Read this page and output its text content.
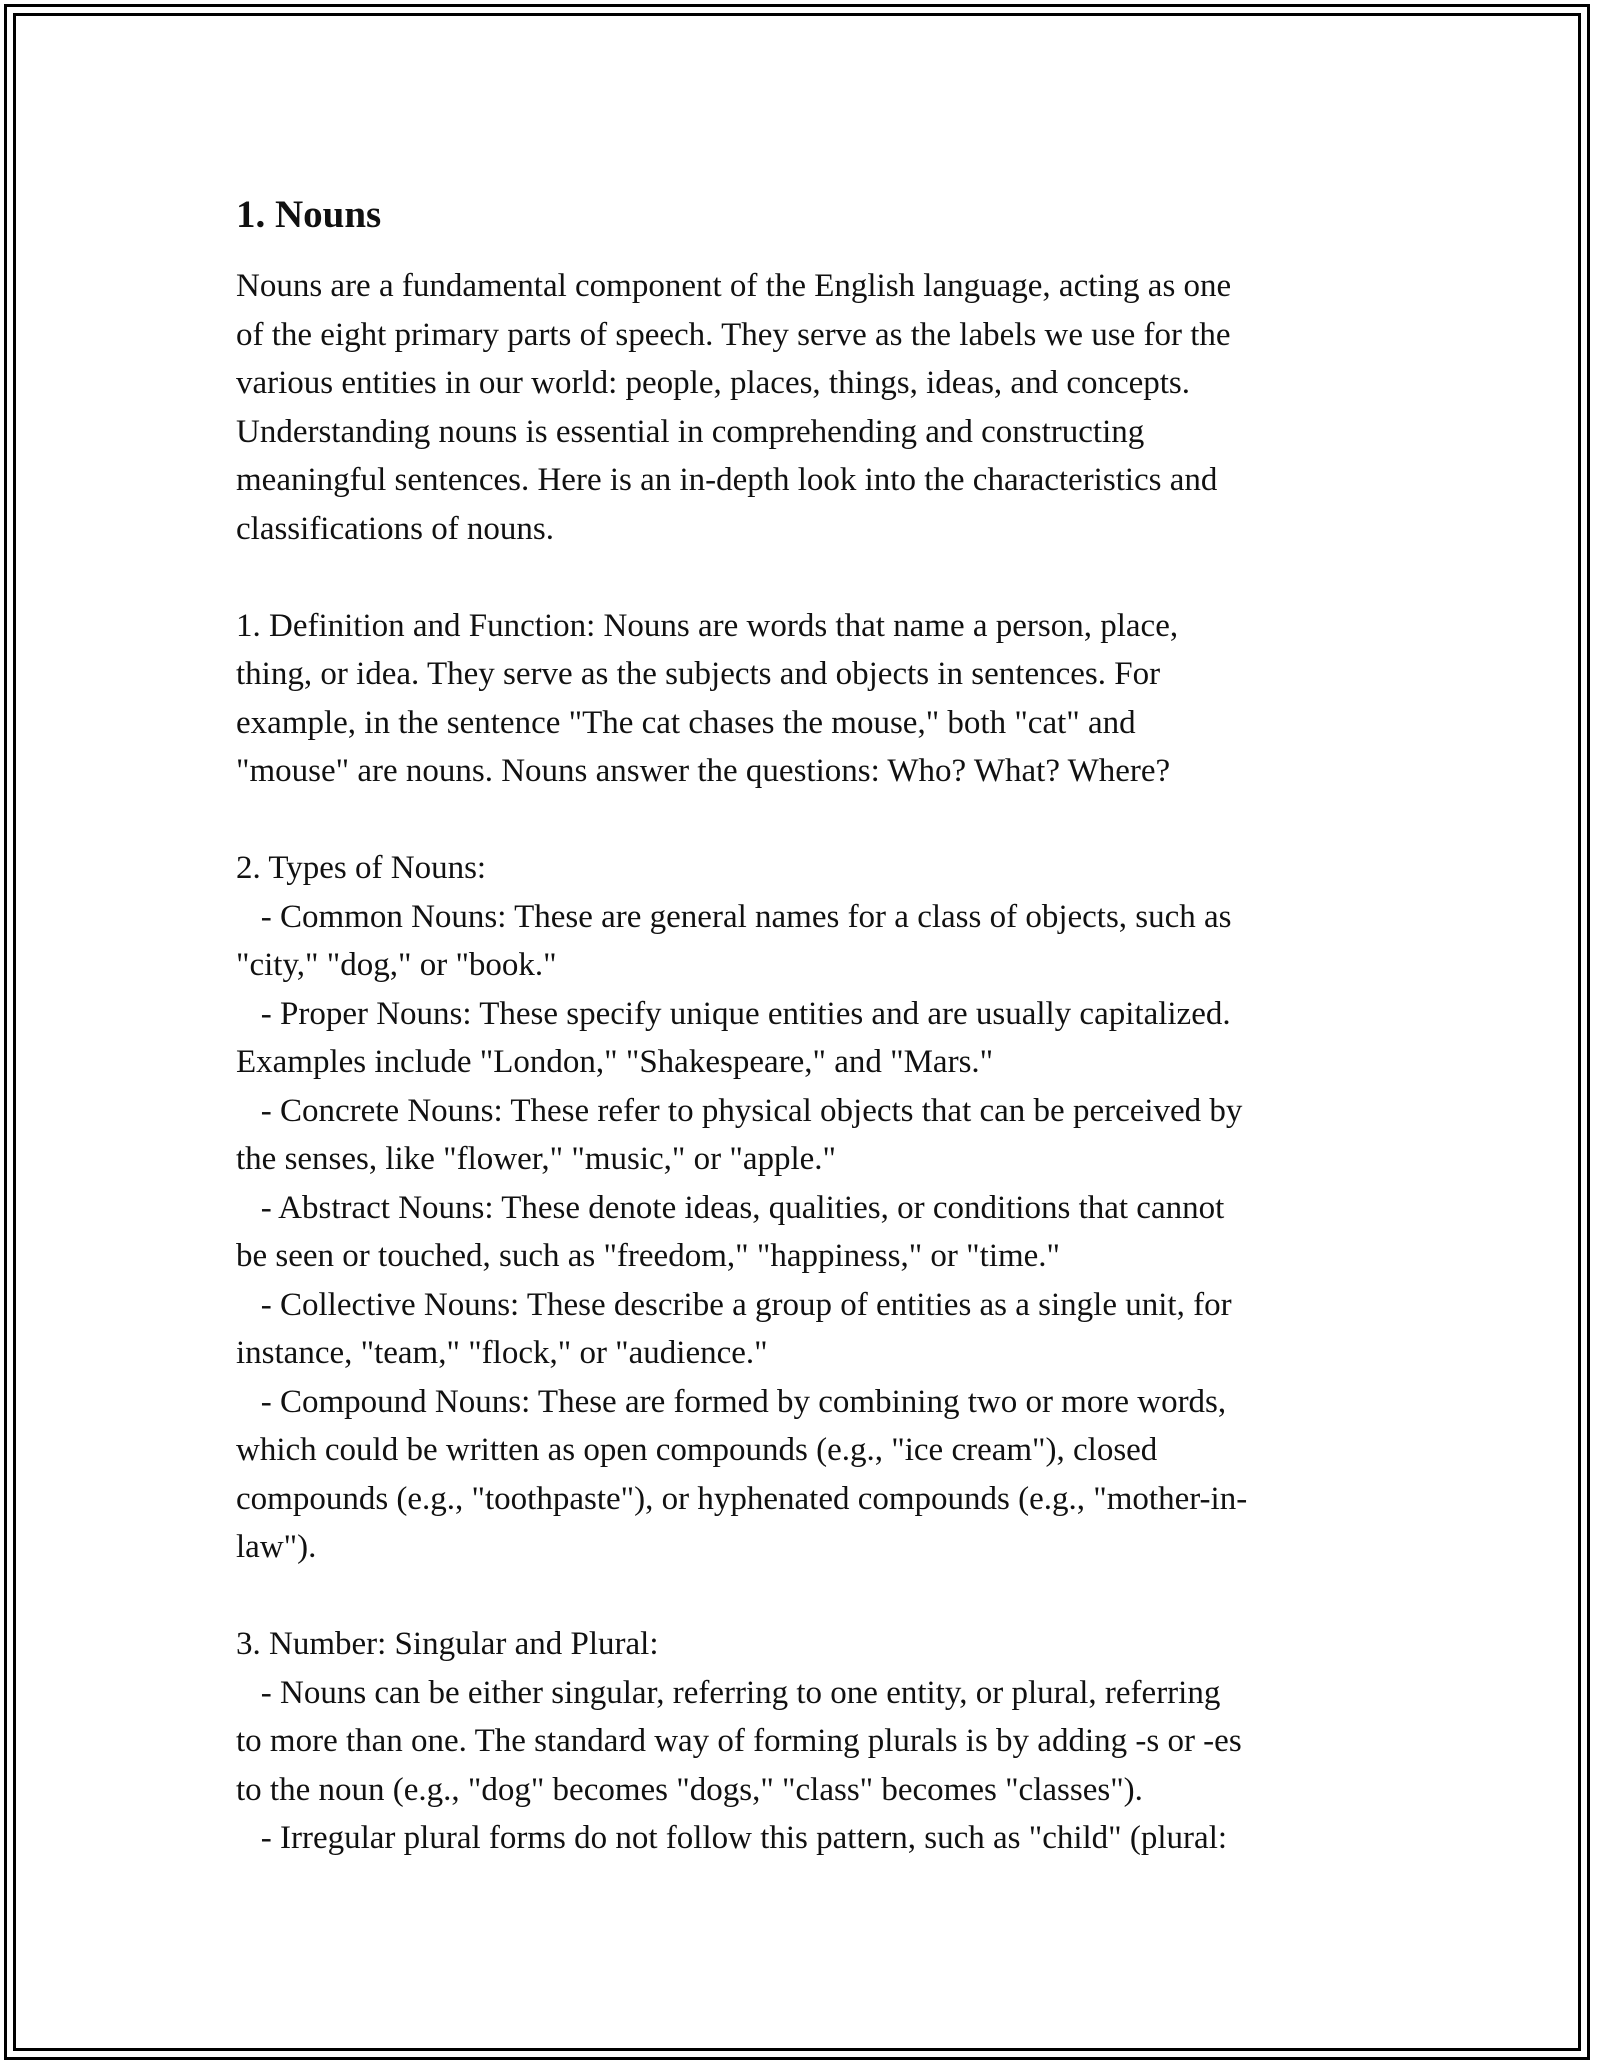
1. Nouns
Nouns are a fundamental component of the English language, acting as one
of the eight primary parts of speech. They serve as the labels we use for the
various entities in our world: people, places, things, ideas, and concepts.
Understanding nouns is essential in comprehending and constructing
meaningful sentences. Here is an in-depth look into the characteristics and
classifications of nouns.

1. Definition and Function: Nouns are words that name a person, place,
thing, or idea. They serve as the subjects and objects in sentences. For
example, in the sentence "The cat chases the mouse," both "cat" and
"mouse" are nouns. Nouns answer the questions: Who? What? Where?

2. Types of Nouns:
- Common Nouns: These are general names for a class of objects, such as
"city," "dog," or "book."
- Proper Nouns: These specify unique entities and are usually capitalized.
Examples include "London," "Shakespeare," and "Mars."
- Concrete Nouns: These refer to physical objects that can be perceived by
the senses, like "flower," "music," or "apple."
- Abstract Nouns: These denote ideas, qualities, or conditions that cannot
be seen or touched, such as "freedom," "happiness," or "time."
- Collective Nouns: These describe a group of entities as a single unit, for
instance, "team," "flock," or "audience."
- Compound Nouns: These are formed by combining two or more words,
which could be written as open compounds (e.g., "ice cream"), closed
compounds (e.g., "toothpaste"), or hyphenated compounds (e.g., "mother-in-
law").

3. Number: Singular and Plural:
- Nouns can be either singular, referring to one entity, or plural, referring
to more than one. The standard way of forming plurals is by adding -s or -es
to the noun (e.g., "dog" becomes "dogs," "class" becomes "classes").
- Irregular plural forms do not follow this pattern, such as "child" (plural:
